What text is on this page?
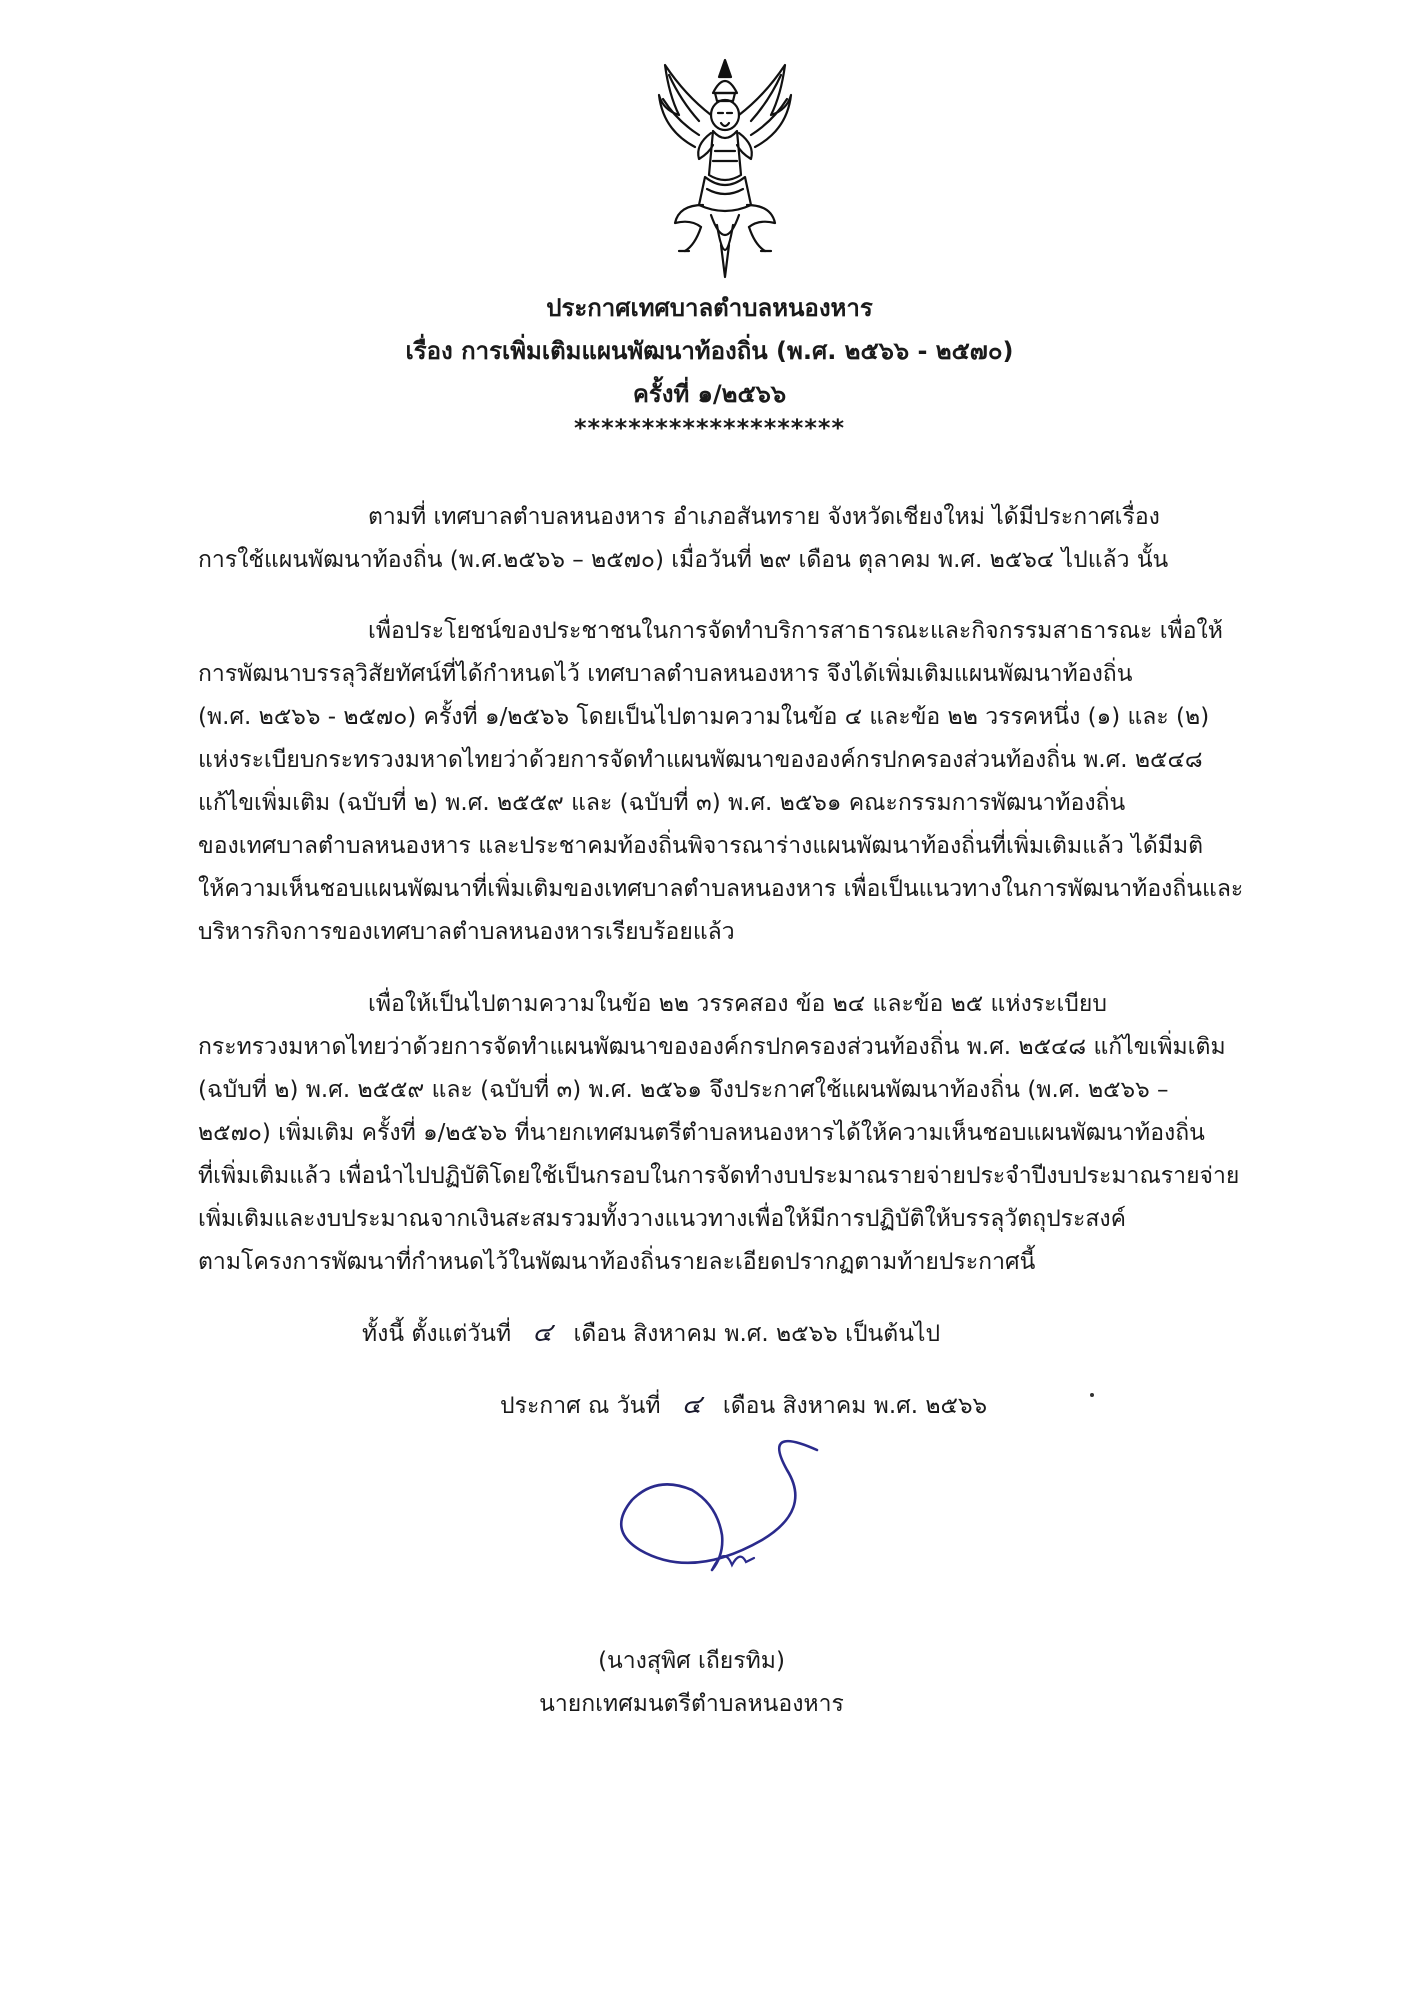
ประกาศเทศบาลตำบลหนองหาร
เรื่อง การเพิ่มเติมแผนพัฒนาท้องถิ่น (พ.ศ. ๒๕๖๖ - ๒๕๗๐)
ครั้งที่ ๑/๒๕๖๖
********************
ตามที่ เทศบาลตำบลหนองหาร อำเภอสันทราย จังหวัดเชียงใหม่ ได้มีประกาศเรื่อง
การใช้แผนพัฒนาท้องถิ่น (พ.ศ.๒๕๖๖ – ๒๕๗๐) เมื่อวันที่ ๒๙ เดือน ตุลาคม พ.ศ. ๒๕๖๔ ไปแล้ว นั้น
เพื่อประโยชน์ของประชาชนในการจัดทำบริการสาธารณะและกิจกรรมสาธารณะ เพื่อให้
การพัฒนาบรรลุวิสัยทัศน์ที่ได้กำหนดไว้ เทศบาลตำบลหนองหาร จึงได้เพิ่มเติมแผนพัฒนาท้องถิ่น
(พ.ศ. ๒๕๖๖ - ๒๕๗๐) ครั้งที่ ๑/๒๕๖๖ โดยเป็นไปตามความในข้อ ๔ และข้อ ๒๒ วรรคหนึ่ง (๑) และ (๒)
แห่งระเบียบกระทรวงมหาดไทยว่าด้วยการจัดทำแผนพัฒนาขององค์กรปกครองส่วนท้องถิ่น พ.ศ. ๒๕๔๘
แก้ไขเพิ่มเติม (ฉบับที่ ๒) พ.ศ. ๒๕๕๙ และ (ฉบับที่ ๓) พ.ศ. ๒๕๖๑ คณะกรรมการพัฒนาท้องถิ่น
ของเทศบาลตำบลหนองหาร และประชาคมท้องถิ่นพิจารณาร่างแผนพัฒนาท้องถิ่นที่เพิ่มเติมแล้ว ได้มีมติ
ให้ความเห็นชอบแผนพัฒนาที่เพิ่มเติมของเทศบาลตำบลหนองหาร เพื่อเป็นแนวทางในการพัฒนาท้องถิ่นและ
บริหารกิจการของเทศบาลตำบลหนองหารเรียบร้อยแล้ว
เพื่อให้เป็นไปตามความในข้อ ๒๒ วรรคสอง ข้อ ๒๔ และข้อ ๒๕ แห่งระเบียบ
กระทรวงมหาดไทยว่าด้วยการจัดทำแผนพัฒนาขององค์กรปกครองส่วนท้องถิ่น พ.ศ. ๒๕๔๘ แก้ไขเพิ่มเติม
(ฉบับที่ ๒) พ.ศ. ๒๕๕๙ และ (ฉบับที่ ๓) พ.ศ. ๒๕๖๑ จึงประกาศใช้แผนพัฒนาท้องถิ่น (พ.ศ. ๒๕๖๖ –
๒๕๗๐) เพิ่มเติม ครั้งที่ ๑/๒๕๖๖ ที่นายกเทศมนตรีตำบลหนองหารได้ให้ความเห็นชอบแผนพัฒนาท้องถิ่น
ที่เพิ่มเติมแล้ว เพื่อนำไปปฏิบัติโดยใช้เป็นกรอบในการจัดทำงบประมาณรายจ่ายประจำปีงบประมาณรายจ่าย
เพิ่มเติมและงบประมาณจากเงินสะสมรวมทั้งวางแนวทางเพื่อให้มีการปฏิบัติให้บรรลุวัตถุประสงค์
ตามโครงการพัฒนาที่กำหนดไว้ในพัฒนาท้องถิ่นรายละเอียดปรากฏตามท้ายประกาศนี้
ทั้งนี้ ตั้งแต่วันที่ ๔ เดือน สิงหาคม พ.ศ. ๒๕๖๖ เป็นต้นไป
ประกาศ ณ วันที่ ๔ เดือน สิงหาคม พ.ศ. ๒๕๖๖
(นางสุพิศ เถียรทิม)
นายกเทศมนตรีตำบลหนองหาร
